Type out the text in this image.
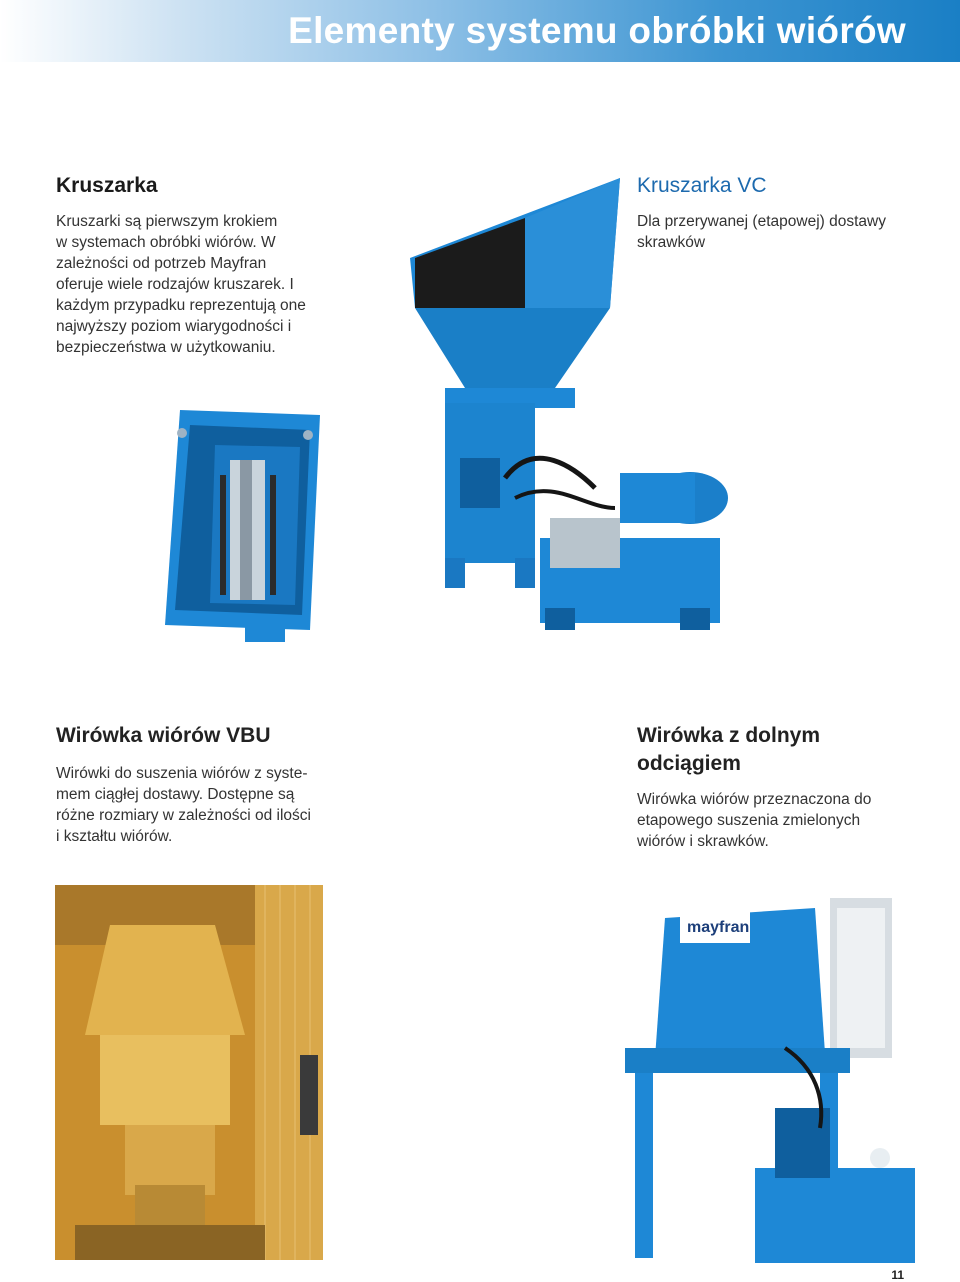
Elementy systemu obróbki wiórów
Kruszarka

Kruszarki są pierwszym krokiem
w systemach obróbki wiórów. W
zależności od potrzeb Mayfran
oferuje wiele rodzajów kruszarek. I
każdym przypadku reprezentują one
najwyższy poziom wiarygodności i
bezpieczeństwa w użytkowaniu.

Kruszarka VC

Dla przerywanej (etapowej) dostawy
skrawków

Wirówka wiórów VBU

Wirówki do suszenia wiórów z syste-
mem ciągłej dostawy. Dostępne są
różne rozmiary w zależności od ilości
i kształtu wiórów.

Wirówka z dolnym
odciągiem

Wirówka wiórów przeznaczona do
etapowego suszenia zmielonych
wiórów i skrawków.

mayfran
11
